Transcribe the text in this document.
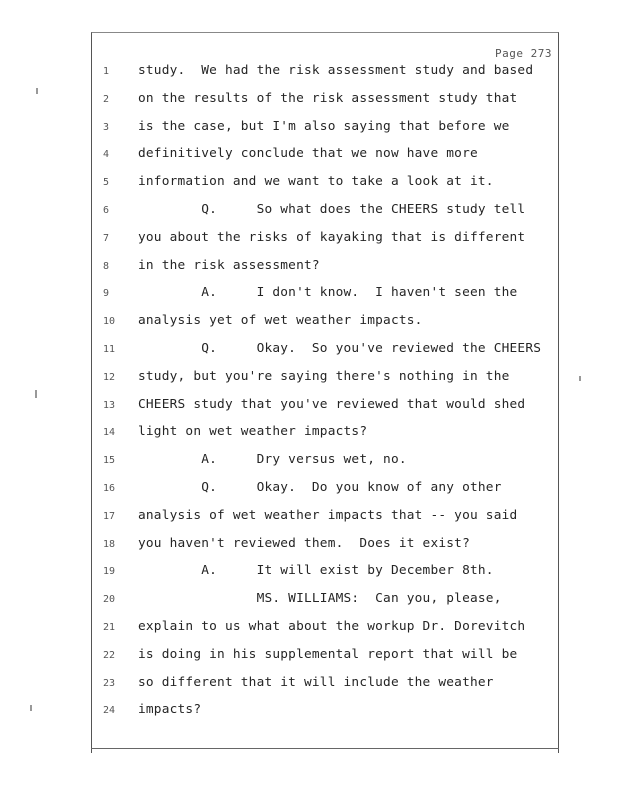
Page 273
1	study.  We had the risk assessment study and based
2	on the results of the risk assessment study that
3	is the case, but I'm also saying that before we
4	definitively conclude that we now have more
5	information and we want to take a look at it.
6	Q.     So what does the CHEERS study tell
7	you about the risks of kayaking that is different
8	in the risk assessment?
9	A.     I don't know.  I haven't seen the
10	analysis yet of wet weather impacts.
11	Q.     Okay.  So you've reviewed the CHEERS
12	study, but you're saying there's nothing in the
13	CHEERS study that you've reviewed that would shed
14	light on wet weather impacts?
15	A.     Dry versus wet, no.
16	Q.     Okay.  Do you know of any other
17	analysis of wet weather impacts that -- you said
18	you haven't reviewed them.  Does it exist?
19	A.     It will exist by December 8th.
20	MS. WILLIAMS:  Can you, please,
21	explain to us what about the workup Dr. Dorevitch
22	is doing in his supplemental report that will be
23	so different that it will include the weather
24	impacts?
